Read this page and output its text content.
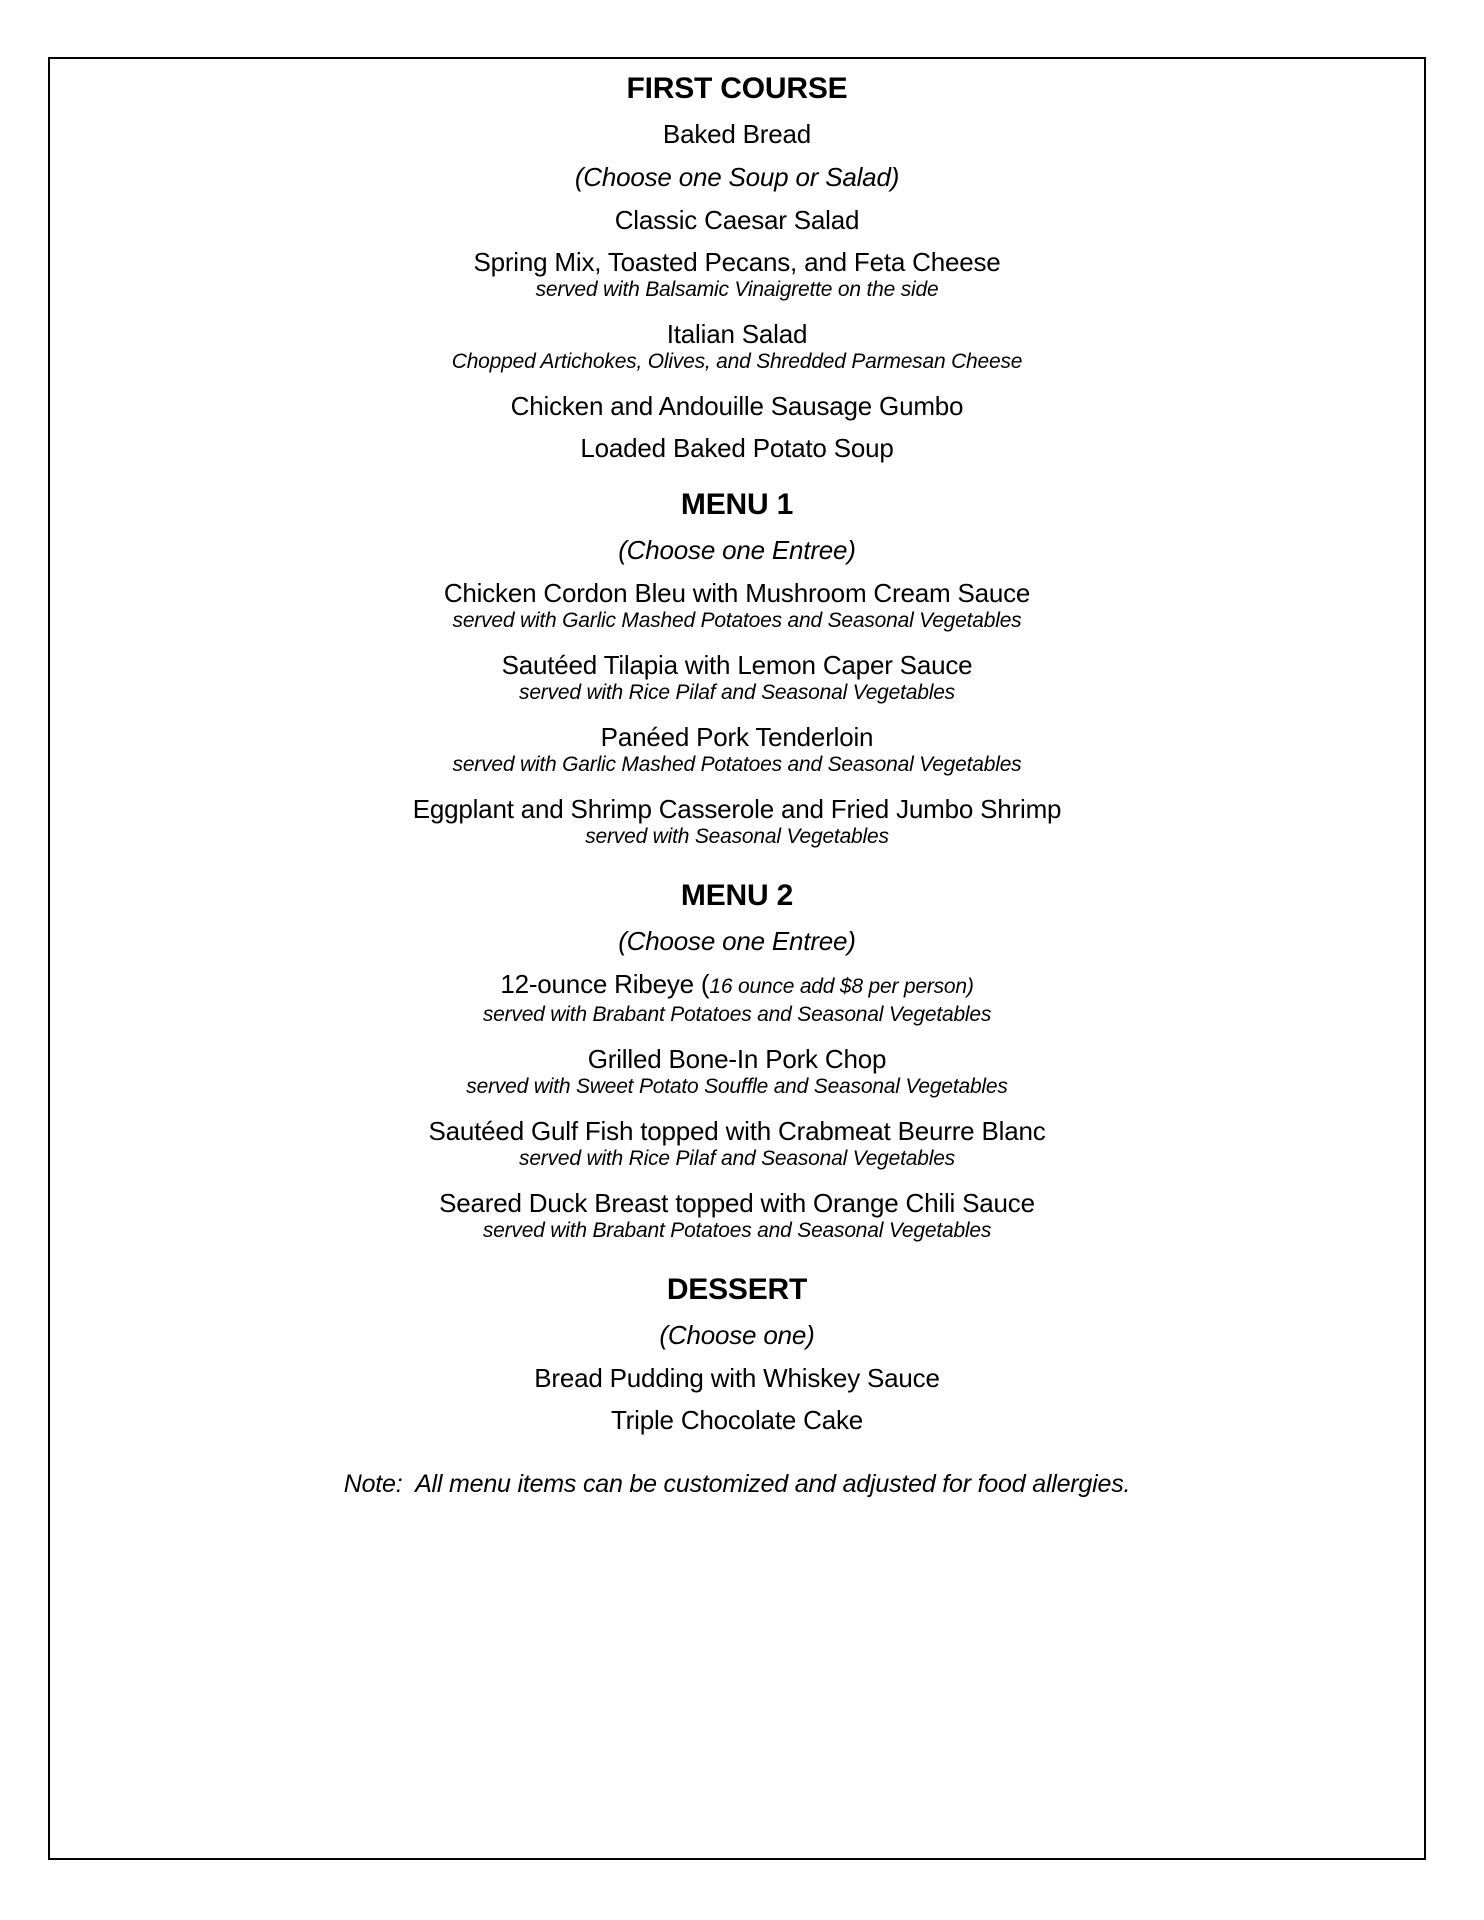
FIRST COURSE
Baked Bread
(Choose one Soup or Salad)
Classic Caesar Salad
Spring Mix, Toasted Pecans, and Feta Cheese
served with Balsamic Vinaigrette on the side
Italian Salad
Chopped Artichokes, Olives, and Shredded Parmesan Cheese
Chicken and Andouille Sausage Gumbo
Loaded Baked Potato Soup
MENU 1
(Choose one Entree)
Chicken Cordon Bleu with Mushroom Cream Sauce
served with Garlic Mashed Potatoes and Seasonal Vegetables
Sautéed Tilapia with Lemon Caper Sauce
served with Rice Pilaf and Seasonal Vegetables
Panéed Pork Tenderloin
served with Garlic Mashed Potatoes and Seasonal Vegetables
Eggplant and Shrimp Casserole and Fried Jumbo Shrimp
served with Seasonal Vegetables
MENU 2
(Choose one Entree)
12-ounce Ribeye (16 ounce add $8 per person)
served with Brabant Potatoes and Seasonal Vegetables
Grilled Bone-In Pork Chop
served with Sweet Potato Souffle and Seasonal Vegetables
Sautéed Gulf Fish topped with Crabmeat Beurre Blanc
served with Rice Pilaf and Seasonal Vegetables
Seared Duck Breast topped with Orange Chili Sauce
served with Brabant Potatoes and Seasonal Vegetables
DESSERT
(Choose one)
Bread Pudding with Whiskey Sauce
Triple Chocolate Cake
Note:  All menu items can be customized and adjusted for food allergies.
